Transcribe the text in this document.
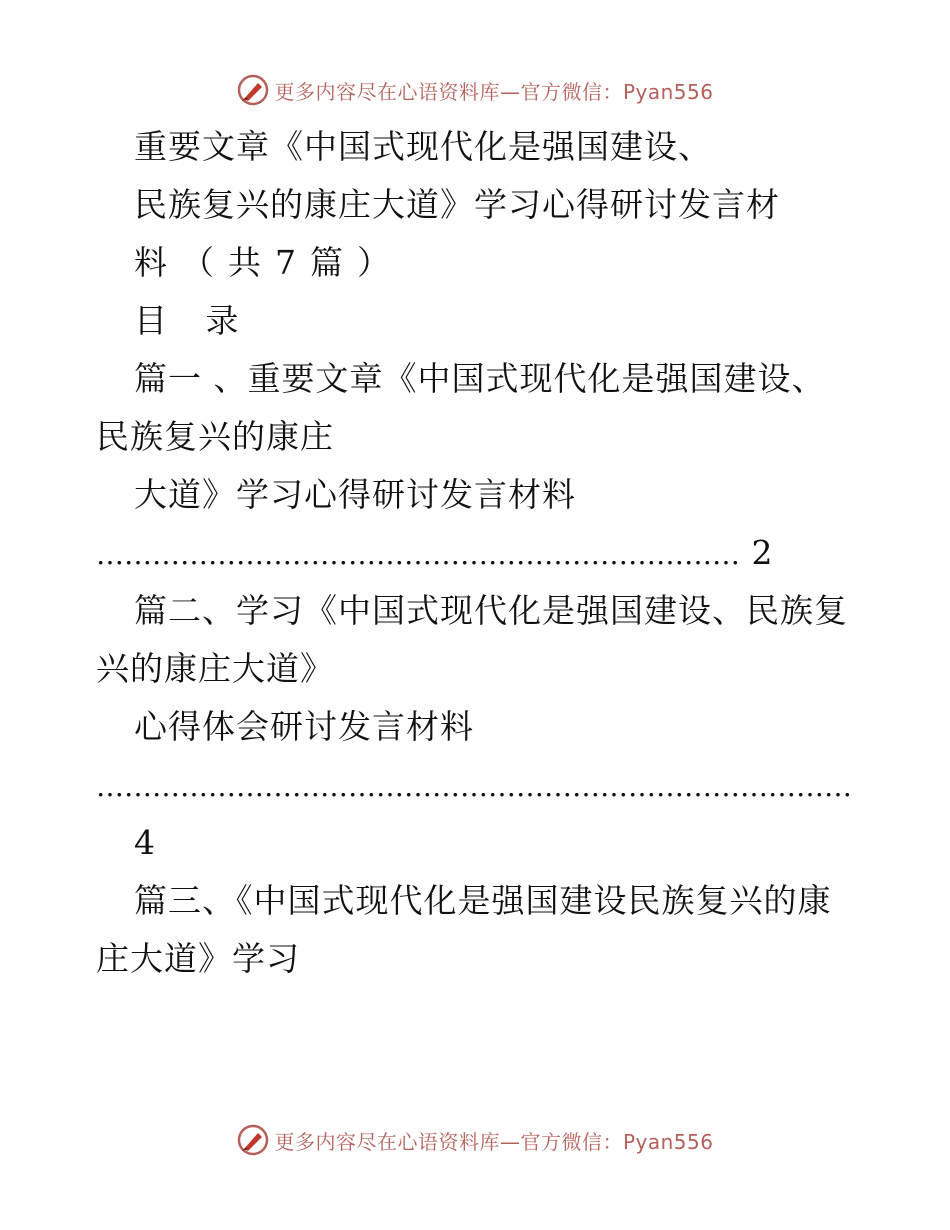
更多内容尽在心语资料库—官方微信：Pyan556
重要文章《中国式现代化是强国建设、
民族复兴的康庄大道》学习心得研讨发言材
料（共7篇）
目 录
篇一 、重要文章《中国式现代化是强国建设、
民族复兴的康庄
大道》学习心得研讨发言材料
…………………………………………………………… 2
篇二、学习《中国式现代化是强国建设、民族复
兴的康庄大道》
心得体会研讨发言材料
………………………………………………………………………
4
篇三、《中国式现代化是强国建设民族复兴的康
庄大道》学习
更多内容尽在心语资料库—官方微信：Pyan556
